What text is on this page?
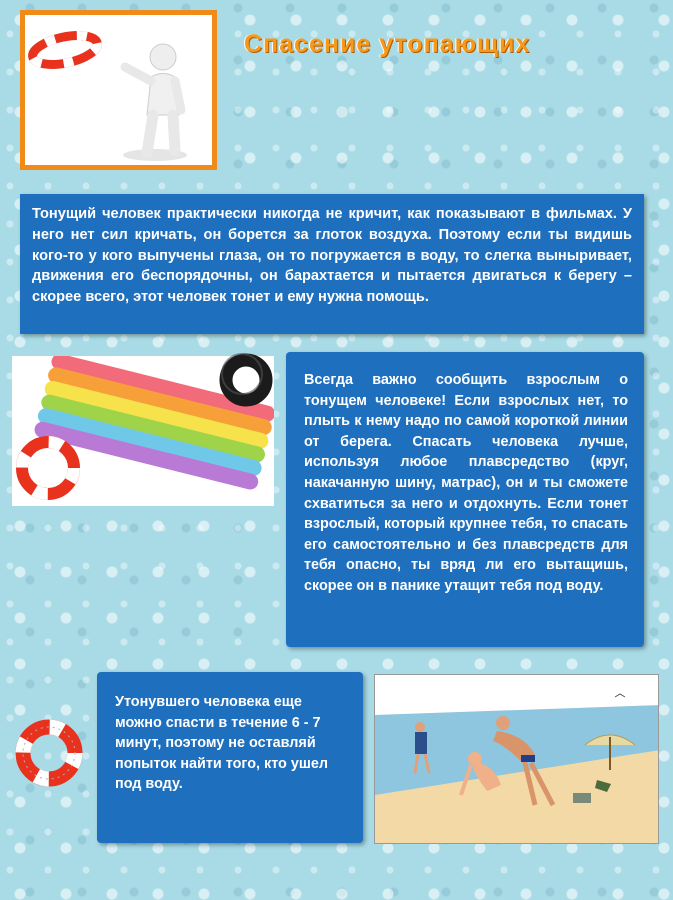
Спасение утопающих
Тонущий человек практически никогда не кричит, как показывают в фильмах. У него нет сил кричать, он борется за глоток воздуха. Поэтому если ты видишь кого-то у кого выпучены глаза, он то погружается в воду, то слегка выныривает, движения его беспорядочны, он барахтается и пытается двигаться к берегу – скорее всего, этот человек тонет и ему нужна помощь.
Всегда важно сообщить взрослым о тонущем человеке! Если взрослых нет, то плыть к нему надо по самой короткой линии от берега. Спасать человека лучше, используя любое плавсредство (круг, накачанную шину, матрас), он и ты сможете схватиться за него и отдохнуть. Если тонет взрослый, который крупнее тебя, то спасать его самостоятельно и без плавсредств для тебя опасно, ты вряд ли его вытащишь, скорее он в панике утащит тебя под воду.
Утонувшего человека еще можно спасти в течение 6 - 7 минут, поэтому не оставляй попыток найти того, кто ушел под воду.
